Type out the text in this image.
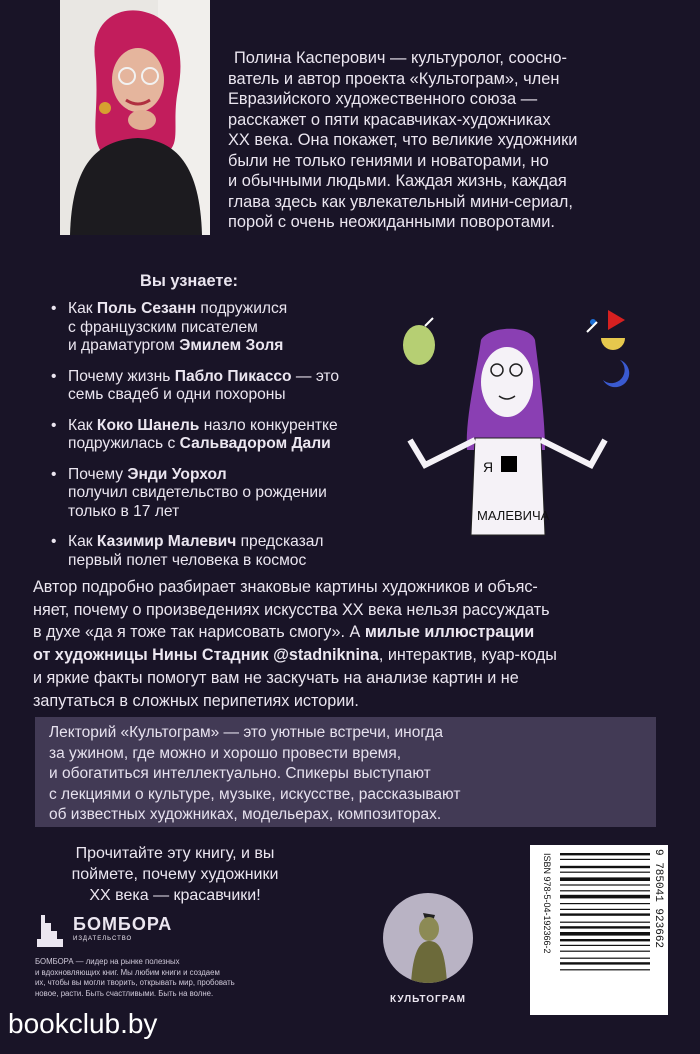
Полина Касперович — культуролог, соосно-
ватель и автор проекта «Культограм», член
Евразийского художественного союза —
расскажет о пяти красавчиках-художниках
XX века. Она покажет, что великие художники
были не только гениями и новаторами, но
и обычными людьми. Каждая жизнь, каждая
глава здесь как увлекательный мини-сериал,
порой с очень неожиданными поворотами.
Вы узнаете:
• Как Поль Сезанн подружился
с французским писателем
и драматургом Эмилем Золя
• Почему жизнь Пабло Пикассо — это
семь свадеб и одни похороны
• Как Коко Шанель назло конкурентке
подружилась с Сальвадором Дали
• Почему Энди Уорхол
получил свидетельство о рождении
только в 17 лет
• Как Казимир Малевич предсказал
первый полет человека в космос
Я
МАЛЕВИЧА
Автор подробно разбирает знаковые картины художников и объяс-
няет, почему о произведениях искусства XX века нельзя рассуждать
в духе «да я тоже так нарисовать смогу». А милые иллюстрации
от художницы Нины Стадник @stadniknina, интерактив, куар-коды
и яркие факты помогут вам не заскучать на анализе картин и не
запутаться в сложных перипетиях истории.
Лекторий «Культограм» — это уютные встречи, иногда
за ужином, где можно и хорошо провести время,
и обогатиться интеллектуально. Спикеры выступают
с лекциями о культуре, музыке, искусстве, рассказывают
об известных художниках, модельерах, композиторах.
Прочитайте эту книгу, и вы
поймете, почему художники
XX века — красавчики!
БОМБОРА
ИЗДАТЕЛЬСТВО
БОМБОРА — лидер на рынке полезных
и вдохновляющих книг. Мы любим книги и создаем
их, чтобы вы могли творить, открывать мир, пробовать
новое, расти. Быть счастливыми. Быть на волне.
КУЛЬТОГРАМ
ISBN 978-5-04-192366-2	9 785041 923662
bookclub.by
